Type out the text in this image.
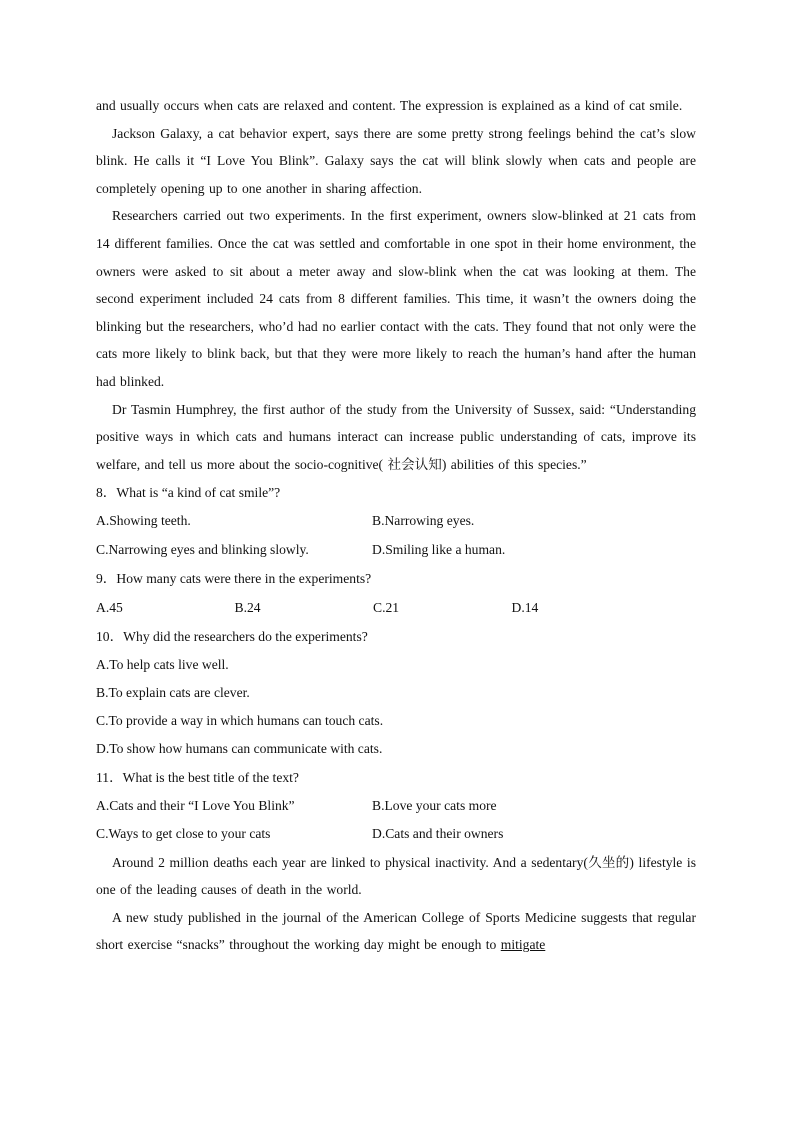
and usually occurs when cats are relaxed and content. The expression is explained as a kind of cat smile.

Jackson Galaxy, a cat behavior expert, says there are some pretty strong feelings behind the cat’s slow blink. He calls it “I Love You Blink”. Galaxy says the cat will blink slowly when cats and people are completely opening up to one another in sharing affection.

Researchers carried out two experiments. In the first experiment, owners slow-blinked at 21 cats from 14 different families. Once the cat was settled and comfortable in one spot in their home environment, the owners were asked to sit about a meter away and slow-blink when the cat was looking at them. The second experiment included 24 cats from 8 different families. This time, it wasn’t the owners doing the blinking but the researchers, who’d had no earlier contact with the cats. They found that not only were the cats more likely to blink back, but that they were more likely to reach the human’s hand after the human had blinked.

Dr Tasmin Humphrey, the first author of the study from the University of Sussex, said: “Understanding positive ways in which cats and humans interact can increase public understanding of cats, improve its welfare, and tell us more about the socio-cognitive( 社会认知) abilities of this species.”

8．What is “a kind of cat smile”?

A.Showing teeth.	B.Narrowing eyes.
C.Narrowing eyes and blinking slowly.	D.Smiling like a human.

9．How many cats were there in the experiments?

A.45	B.24	C.21	D.14

10．Why did the researchers do the experiments?

A.To help cats live well.
B.To explain cats are clever.
C.To provide a way in which humans can touch cats.
D.To show how humans can communicate with cats.

11．What is the best title of the text?

A.Cats and their “I Love You Blink”	B.Love your cats more
C.Ways to get close to your cats	D.Cats and their owners

Around 2 million deaths each year are linked to physical inactivity. And a sedentary(久坐的) lifestyle is one of the leading causes of death in the world.

A new study published in the journal of the American College of Sports Medicine suggests that regular short exercise “snacks” throughout the working day might be enough to mitigate
